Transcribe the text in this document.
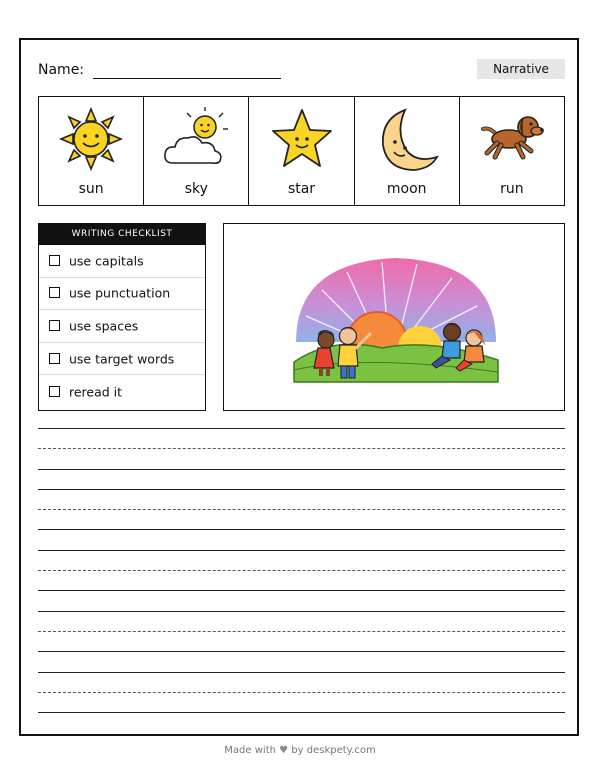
Name:	Narrative
sun	sky	star	moon	run
WRITING CHECKLIST
use capitals
use punctuation
use spaces
use target words
reread it
Made with ♥ by deskpety.com
